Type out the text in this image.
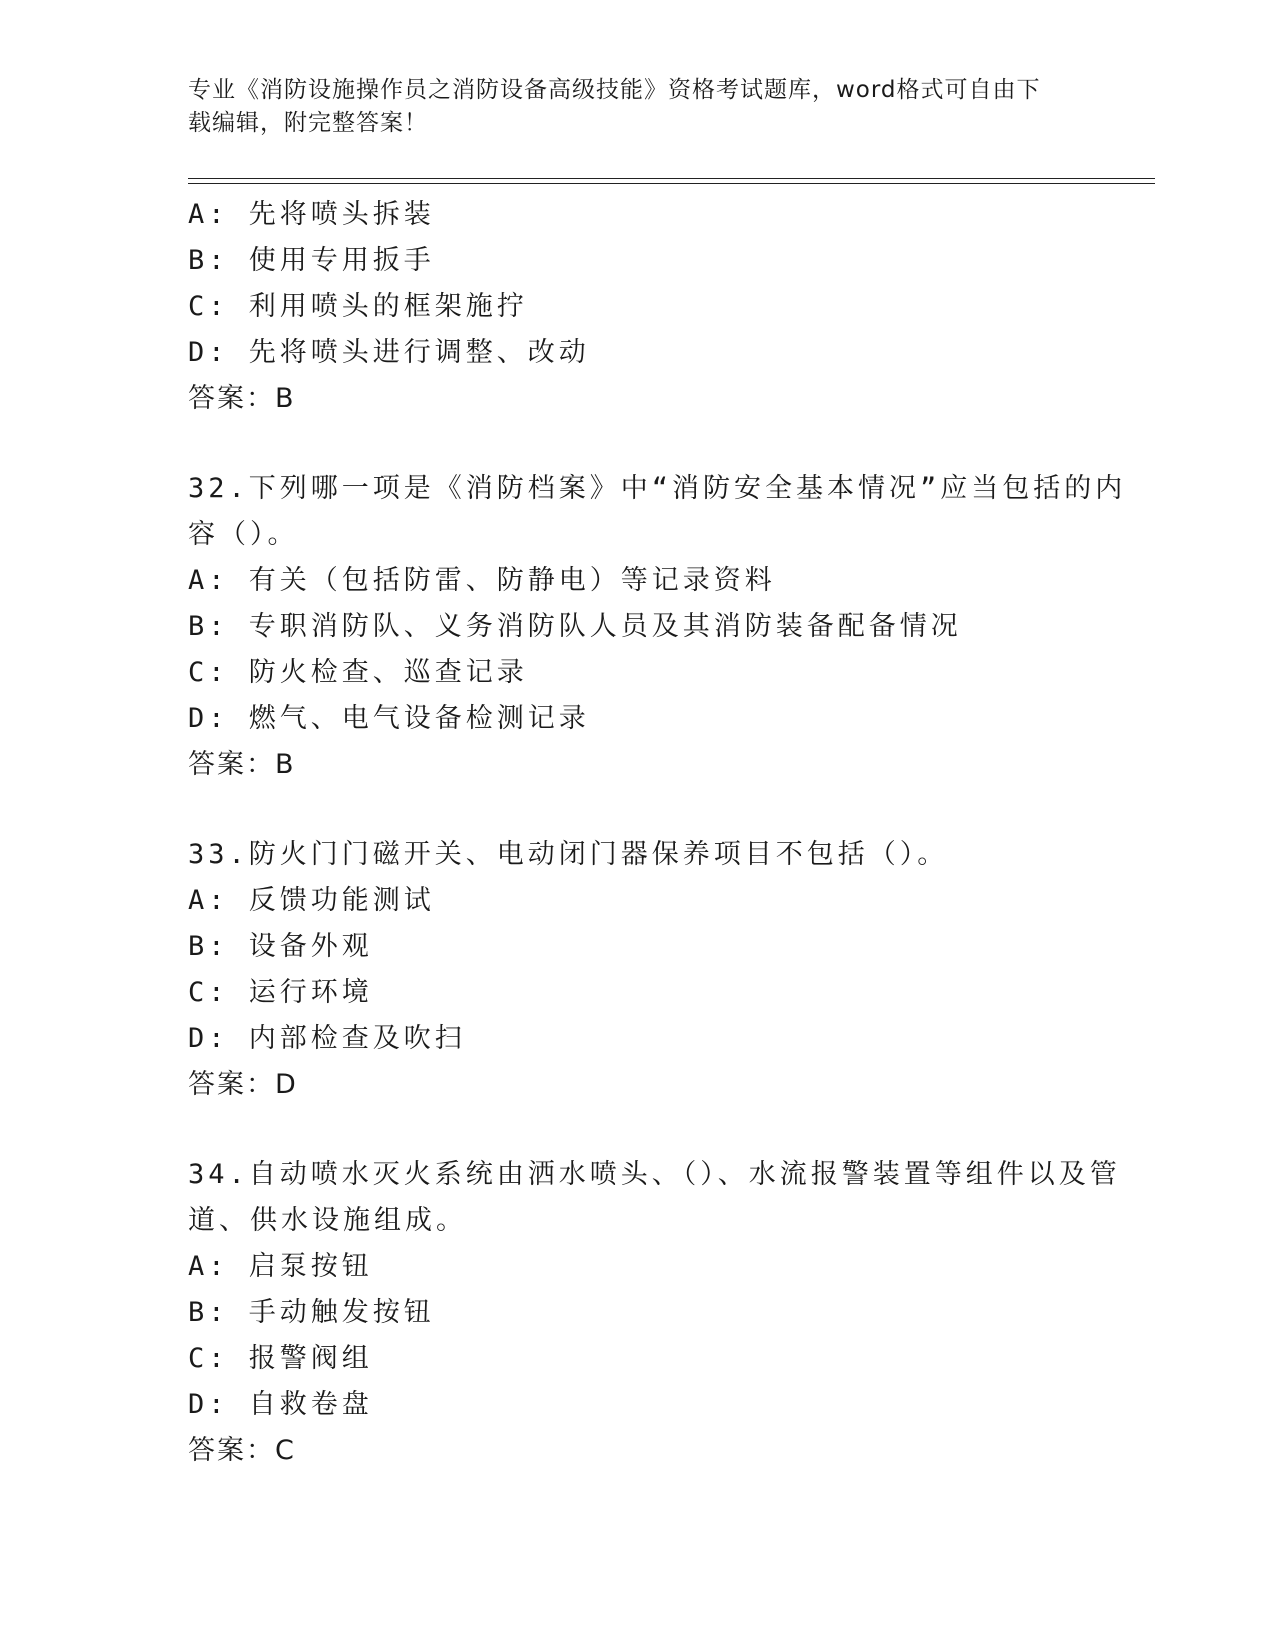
专业《消防设施操作员之消防设备高级技能》资格考试题库，word格式可自由下
载编辑，附完整答案！
A: 先将喷头拆装
B: 使用专用扳手
C: 利用喷头的框架施拧
D: 先将喷头进行调整、改动
答案：B
32.下列哪一项是《消防档案》中“消防安全基本情况”应当包括的内
容（）。
A: 有关（包括防雷、防静电）等记录资料
B: 专职消防队、义务消防队人员及其消防装备配备情况
C: 防火检查、巡查记录
D: 燃气、电气设备检测记录
答案：B
33.防火门门磁开关、电动闭门器保养项目不包括（）。
A: 反馈功能测试
B: 设备外观
C: 运行环境
D: 内部检查及吹扫
答案：D
34.自动喷水灭火系统由洒水喷头、（）、水流报警装置等组件以及管
道、供水设施组成。
A: 启泵按钮
B: 手动触发按钮
C: 报警阀组
D: 自救卷盘
答案：C
